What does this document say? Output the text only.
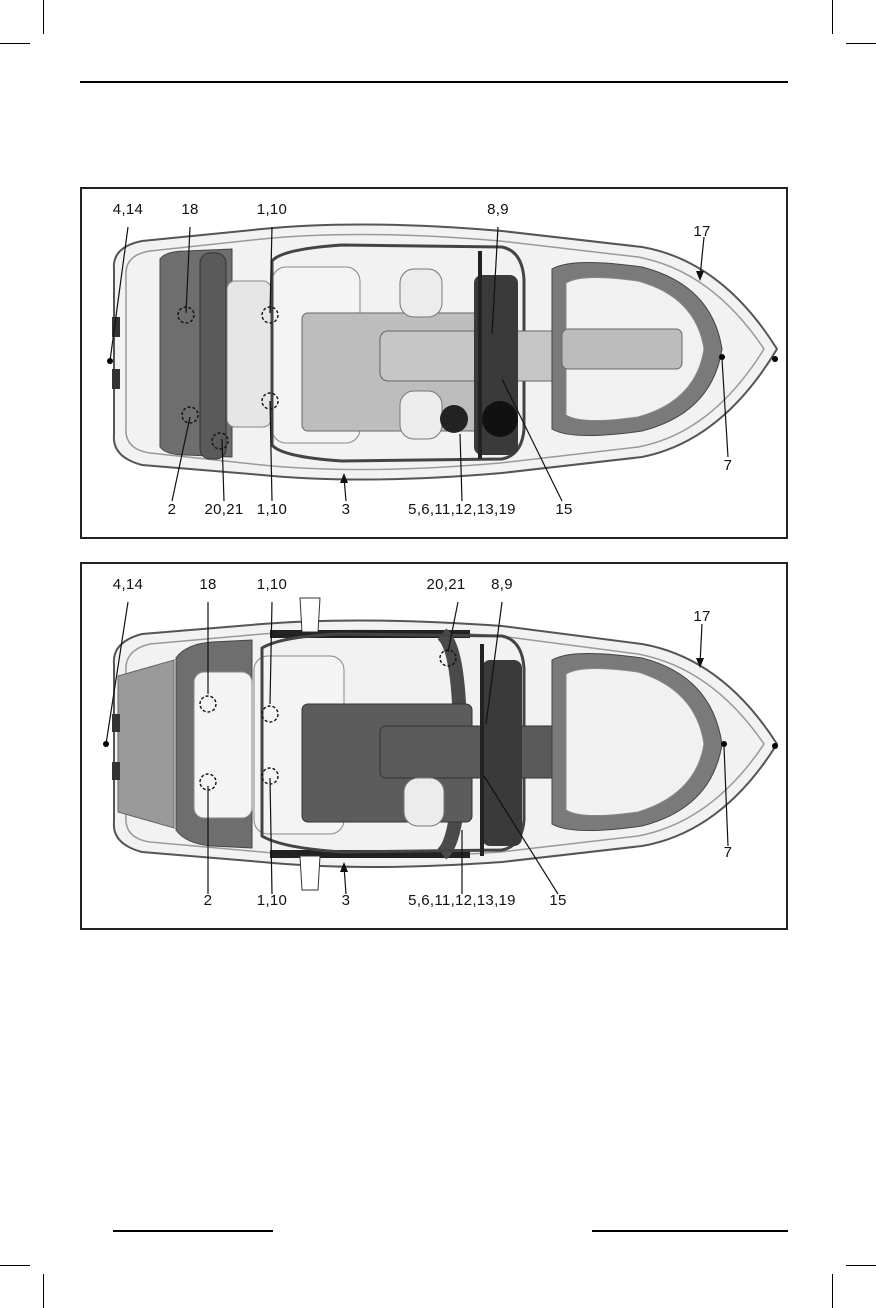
4,14	18	1,10	8,9
17
2 20,21 1,10	3	5,6,11,12,13,19	15
7
4,14	18	1,10	20,21 8,9
17
2	1,10	3	5,6,11,12,13,19 15
7
